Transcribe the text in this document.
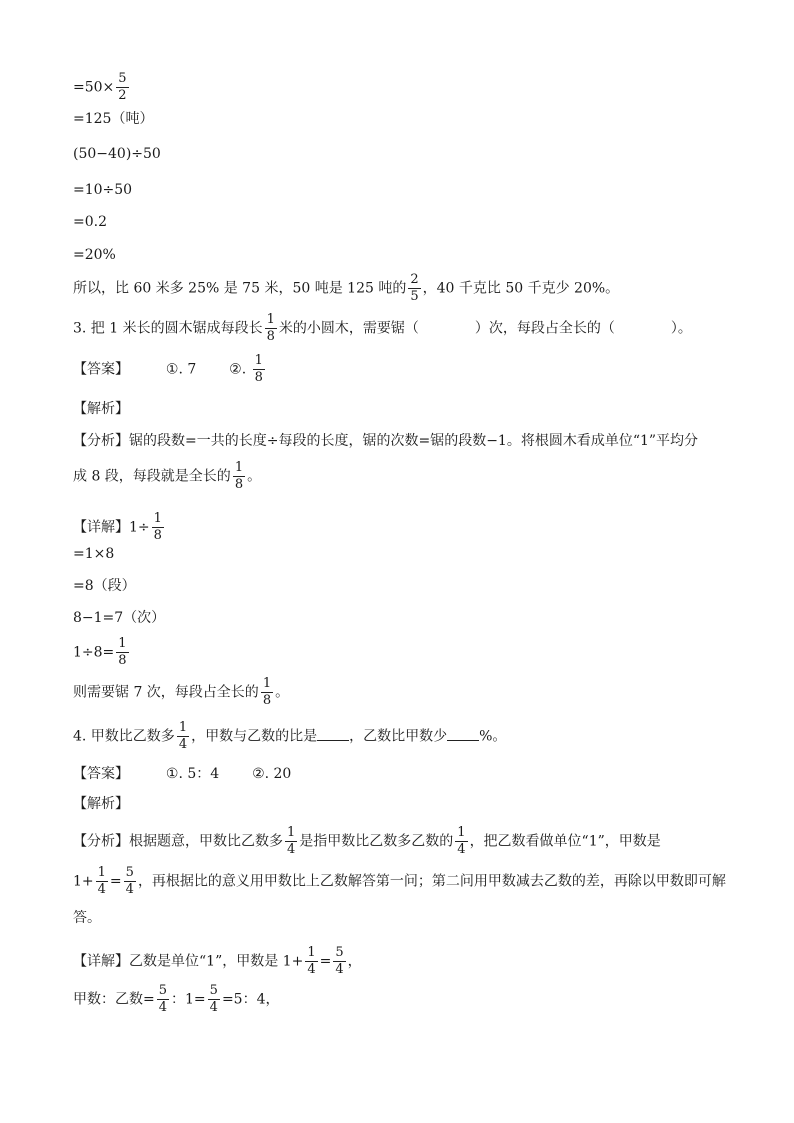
$=50\times \frac{5}{2}$
=125（吨）
(50−40)÷50
=10÷50
=0.2
=20%
所以，比 60 米多 25% 是 75 米，50 吨是 125 吨的 $\frac{2}{5}$ ，40 千克比 50 千克少 20%。
3. 把 1 米长的圆木锯成每段长 $\frac{1}{8}$ 米的小圆木，需要锯（　　　　）次，每段占全长的（　　　　）。
【答案】	①. 7 ②. $\frac{1}{8}$
【解析】
【分析】锯的段数=一共的长度÷每段的长度，锯的次数=锯的段数−1。将根圆木看成单位“1”平均分
成 8 段，每段就是全长的 $\frac{1}{8}$ 。
【详解】$1\div \frac{1}{8}$
=1×8
=8（段）
8−1=7（次）
$1\div 8= \frac{1}{8}$
则需要锯 7 次，每段占全长的 $\frac{1}{8}$ 。
4. 甲数比乙数多 $\frac{1}{4}$ ，甲数与乙数的比是 ，乙数比甲数少 %。
【答案】	①. 5：4 ②. 20
【解析】
【分析】根据题意，甲数比乙数多 $\frac{1}{4}$ 是指甲数比乙数多乙数的 $\frac{1}{4}$ ，把乙数看做单位“1”，甲数是
$1+ \frac{1}{4} = \frac{5}{4}$ ，再根据比的意义用甲数比上乙数解答第一问；第二问用甲数减去乙数的差，再除以甲数即可解
答。
【详解】乙数是单位“1”，甲数是 $1+ \frac{1}{4} = \frac{5}{4}$ ，
甲数：乙数= $\frac{5}{4}$ ：$1= \frac{5}{4} =5$：4，
